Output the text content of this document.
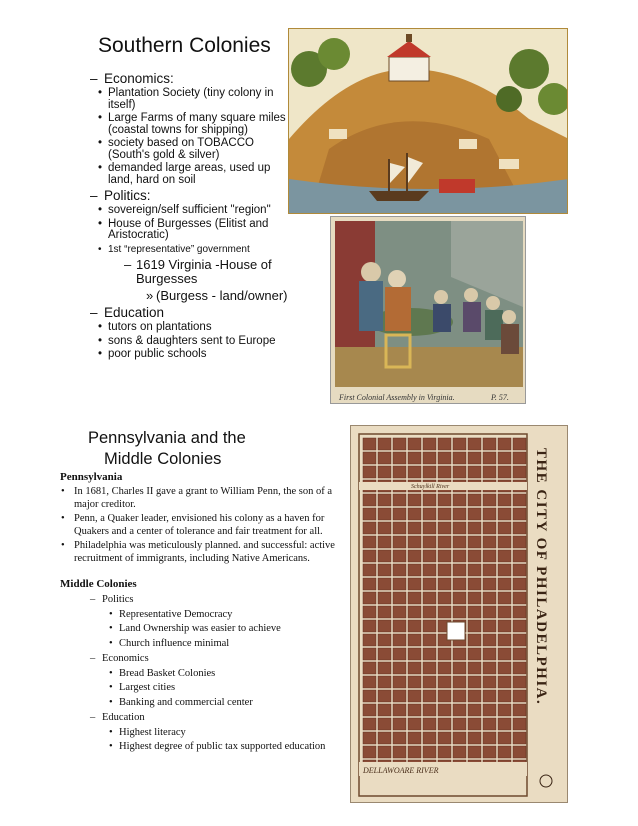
Southern Colonies
– Economics:
• Plantation Society (tiny colony in itself)
• Large Farms of many square miles (coastal towns for shipping)
• society based on TOBACCO (South's gold & silver)
• demanded large areas, used up land, hard on soil
– Politics:
• sovereign/self sufficient "region"
• House of Burgesses (Elitist and Aristocratic)
• 1st “representative” government
– 1619 Virginia -House of Burgesses
» (Burgess - land/owner)
– Education
• tutors on plantations
• sons & daughters sent to Europe
• poor public schools
First Colonial Assembly in Virginia.	P. 57.
Pennsylvania and the
Middle Colonies
Pennsylvania
• In 1681, Charles II gave a grant to William Penn, the son of a major creditor.
• Penn, a Quaker leader, envisioned his colony as a haven for Quakers and a center of tolerance and fair treatment for all.
• Philadelphia was meticulously planned. and successful: active recruitment of immigrants, including Native Americans.
Middle Colonies
– Politics
• Representative Democracy
• Land Ownership was easier to achieve
• Church influence minimal
– Economics
• Bread Basket Colonies
• Largest cities
• Banking and commercial center
– Education
• Highest literacy
• Highest degree of public tax supported education
Schuylkill River
DELLAWOARE RIVER
THE CITY OF PHILADELPHIA.
